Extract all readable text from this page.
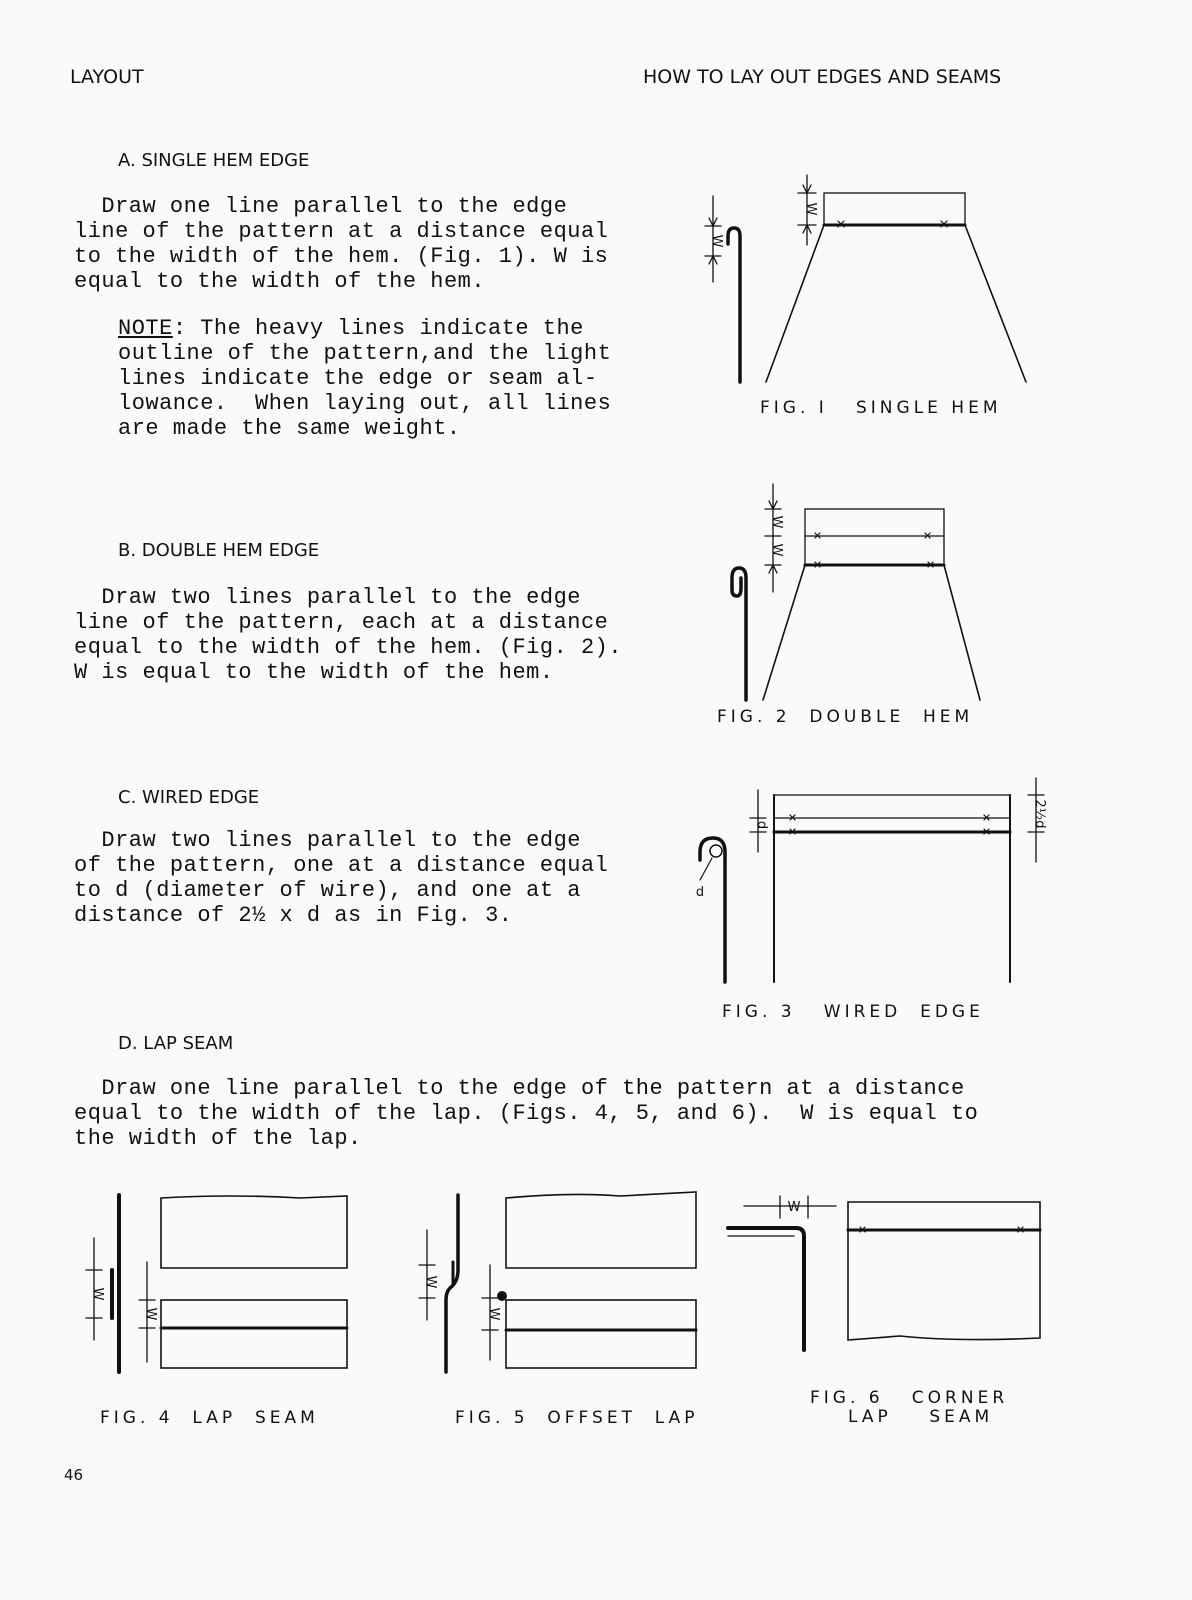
LAYOUT	HOW TO LAY OUT EDGES AND SEAMS
A. SINGLE HEM EDGE
Draw one line parallel to the edge
line of the pattern at a distance equal
to the width of the hem. (Fig. 1). W is
equal to the width of the hem.
NOTE: The heavy lines indicate the
outline of the pattern,and the light
lines indicate the edge or seam al-
lowance.  When laying out, all lines
are made the same weight.
B. DOUBLE HEM EDGE
Draw two lines parallel to the edge
line of the pattern, each at a distance
equal to the width of the hem. (Fig. 2).
W is equal to the width of the hem.
C. WIRED EDGE
Draw two lines parallel to the edge
of the pattern, one at a distance equal
to d (diameter of wire), and one at a
distance of 2½ x d as in Fig. 3.
D. LAP SEAM
Draw one line parallel to the edge of the pattern at a distance
equal to the width of the lap. (Figs. 4, 5, and 6).  W is equal to
the width of the lap.
W
W
W
W
d
d
2½d
W
W
W
W
W
FIG. I   SINGLE HEM
FIG. 2  DOUBLE  HEM
FIG. 3   WIRED  EDGE
FIG. 4  LAP  SEAM	FIG. 5  OFFSET  LAP
FIG. 6   CORNER
LAP    SEAM
46
